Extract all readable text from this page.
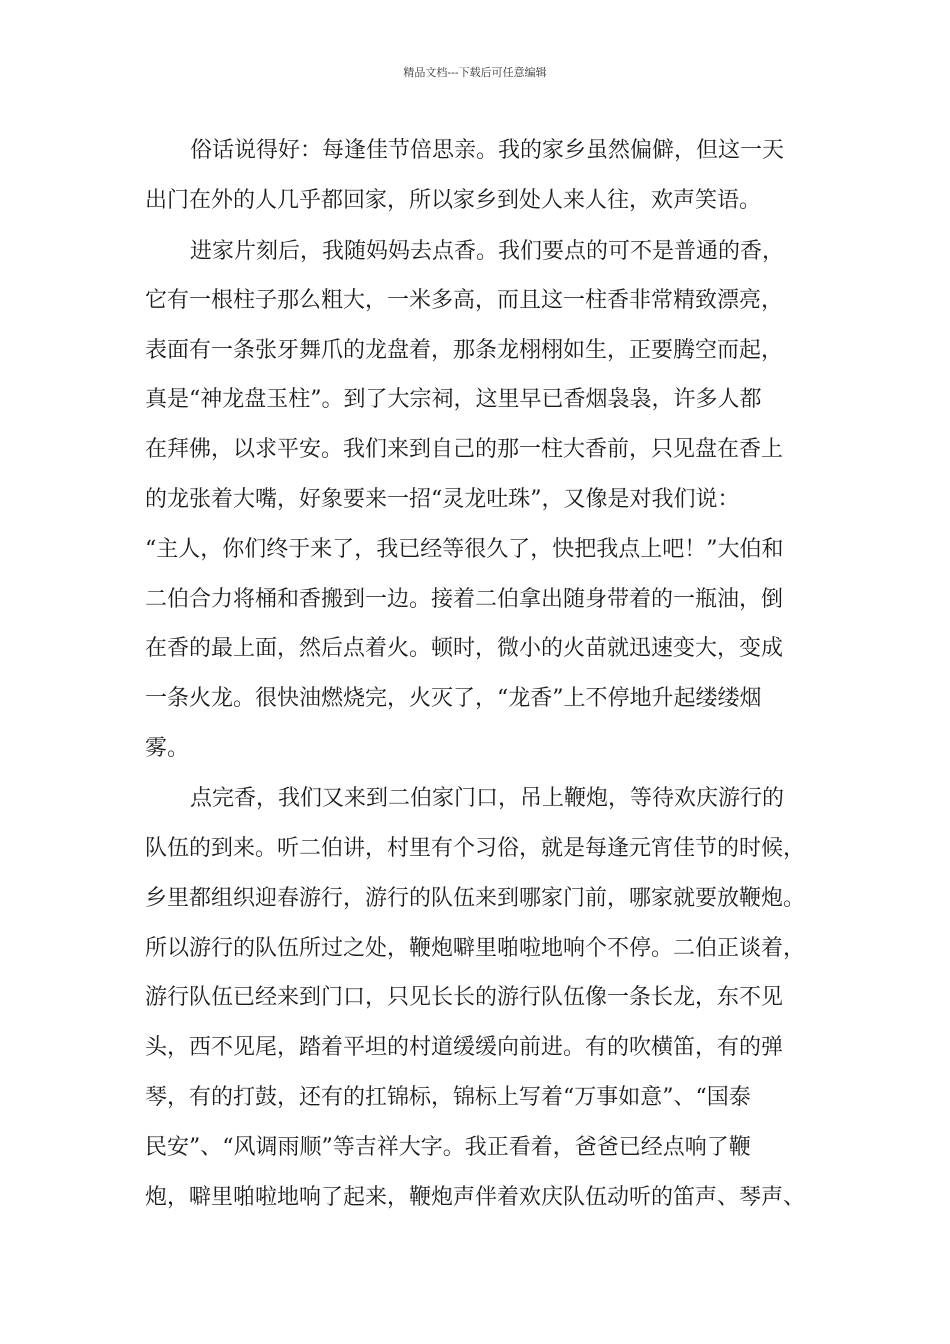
精品文档---下载后可任意编辑
俗话说得好：每逢佳节倍思亲。我的家乡虽然偏僻，但这一天
出门在外的人几乎都回家，所以家乡到处人来人往，欢声笑语。
进家片刻后，我随妈妈去点香。我们要点的可不是普通的香，
它有一根柱子那么粗大，一米多高，而且这一柱香非常精致漂亮，
表面有一条张牙舞爪的龙盘着，那条龙栩栩如生，正要腾空而起，
真是“神龙盘玉柱”。到了大宗祠，这里早已香烟袅袅，许多人都
在拜佛，以求平安。我们来到自己的那一柱大香前，只见盘在香上
的龙张着大嘴，好象要来一招“灵龙吐珠”，又像是对我们说：
“主人，你们终于来了，我已经等很久了，快把我点上吧！”大伯和
二伯合力将桶和香搬到一边。接着二伯拿出随身带着的一瓶油，倒
在香的最上面，然后点着火。顿时，微小的火苗就迅速变大，变成
一条火龙。很快油燃烧完，火灭了，“龙香”上不停地升起缕缕烟
雾。
点完香，我们又来到二伯家门口，吊上鞭炮，等待欢庆游行的
队伍的到来。听二伯讲，村里有个习俗，就是每逢元宵佳节的时候，
乡里都组织迎春游行，游行的队伍来到哪家门前，哪家就要放鞭炮。
所以游行的队伍所过之处，鞭炮噼里啪啦地响个不停。二伯正谈着，
游行队伍已经来到门口，只见长长的游行队伍像一条长龙，东不见
头，西不见尾，踏着平坦的村道缓缓向前进。有的吹横笛，有的弹
琴，有的打鼓，还有的扛锦标，锦标上写着“万事如意”、“国泰
民安”、“风调雨顺”等吉祥大字。我正看着，爸爸已经点响了鞭
炮，噼里啪啦地响了起来，鞭炮声伴着欢庆队伍动听的笛声、琴声、
